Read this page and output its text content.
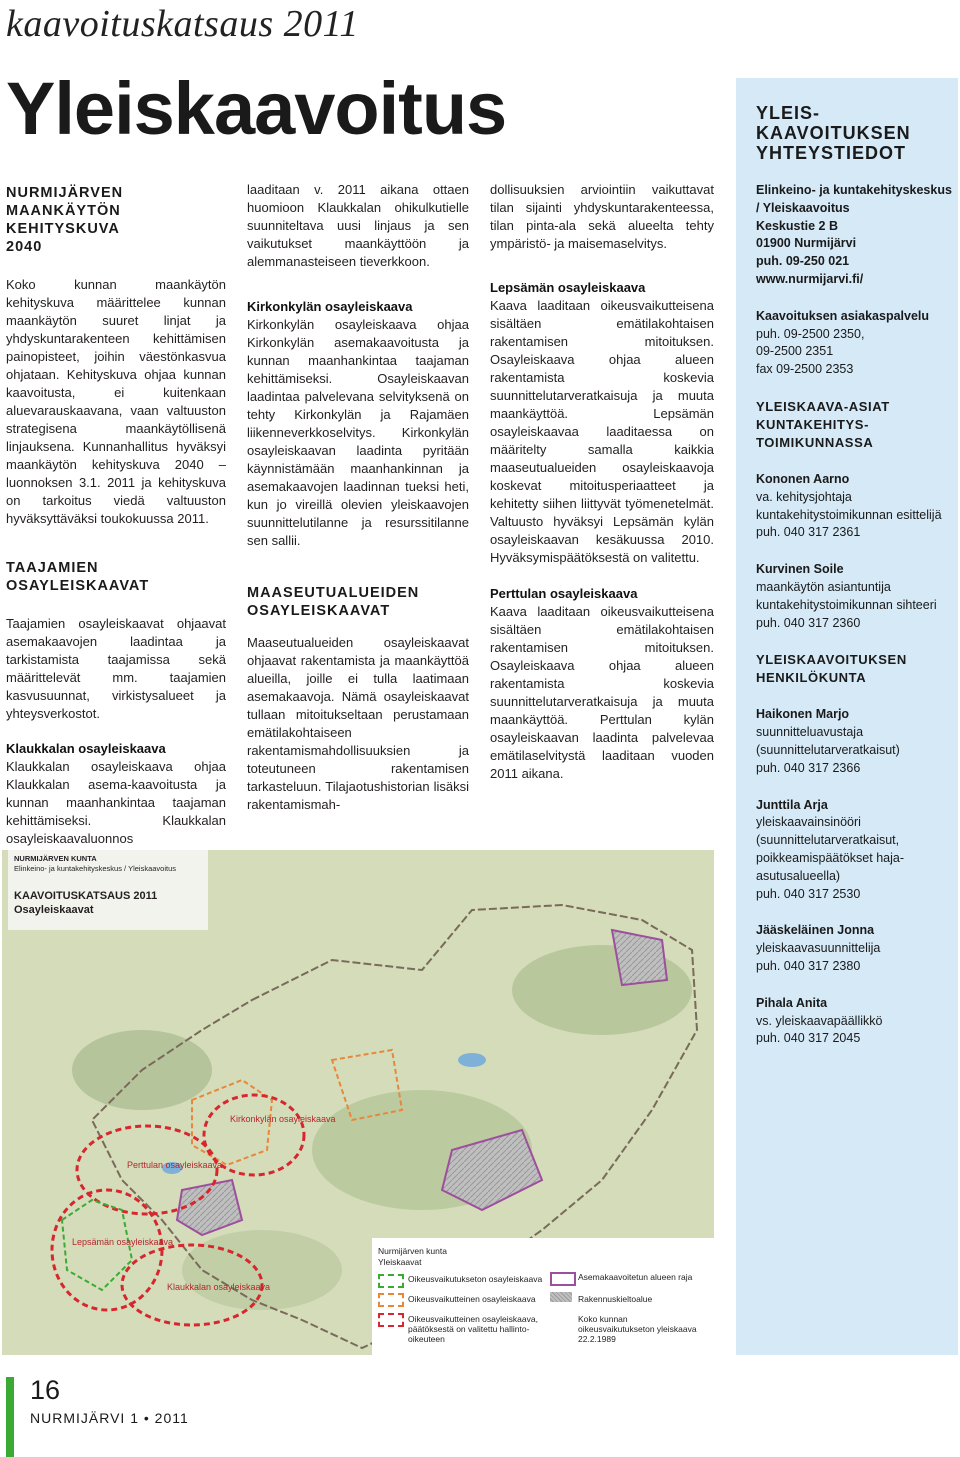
kaavoituskatsaus 2011
Yleiskaavoitus
NURMIJÄRVEN MAANKÄYTÖN KEHITYSKUVA 2040

Koko kunnan maankäytön kehityskuva määrittelee kunnan maankäytön suuret linjat ja yhdyskuntarakenteen kehittämisen painopisteet, joihin väestönkasvua ohjataan. Kehityskuva ohjaa kunnan kaavoitusta, ei kuitenkaan aluevarauskaavana, vaan valtuuston strategisena maankäytöllisenä linjauksena. Kunnanhallitus hyväksyi maankäytön kehityskuva 2040 –luonnoksen 3.1. 2011 ja kehityskuva on tarkoitus viedä valtuuston hyväksyttäväksi toukokuussa 2011.

TAAJAMIEN OSAYLEISKAAVAT

Taajamien osayleiskaavat ohjaavat asemakaavojen laadintaa ja tarkistamista taajamissa sekä määrittelevät mm. taajamien kasvusuunnat, virkistysalueet ja yhteysverkostot.

Klaukkalan osayleiskaava

Klaukkalan osayleiskaava ohjaa Klaukkalan asema-kaavoitusta ja kunnan maanhankintaa taajaman kehittämiseksi. Klaukkalan osayleiskaavaluonnos

laaditaan v. 2011 aikana ottaen huomioon Klaukkalan ohikulkutielle suunniteltava uusi linjaus ja sen vaikutukset maankäyttöön ja alemmanasteiseen tieverkkoon.

Kirkonkylän osayleiskaava

Kirkonkylän osayleiskaava ohjaa Kirkonkylän asemakaavoitusta ja kunnan maanhankintaa taajaman kehittämiseksi. Osayleiskaavan laadintaa palvelevana selvityksenä on tehty Kirkonkylän ja Rajamäen liikenneverkkoselvitys. Kirkonkylän osayleiskaavan laadinta pyritään käynnistämään maanhankinnan ja asemakaavojen laadinnan tueksi heti, kun jo vireillä olevien yleiskaavojen suunnittelutilanne ja resurssitilanne sen sallii.

MAASEUTUALUEIDEN OSAYLEISKAAVAT

Maaseutualueiden osayleiskaavat ohjaavat rakentamista ja maankäyttöä alueilla, joille ei tulla laatimaan asemakaavoja. Nämä osayleiskaavat tullaan mitoitukseltaan perustamaan emätilakohtaiseen rakentamismahdollisuuksien ja toteutuneen rakentamisen tarkasteluun. Tilajaotushistorian lisäksi rakentamismah-

dollisuuksien arviointiin vaikuttavat tilan sijainti yhdyskuntarakenteessa, tilan pinta-ala sekä alueelta tehty ympäristö- ja maisemaselvitys.

Lepsämän osayleiskaava

Kaava laaditaan oikeusvaikutteisena sisältäen emätilakohtaisen rakentamisen mitoituksen. Osayleiskaava ohjaa alueen rakentamista koskevia suunnittelutarveratkaisuja ja muuta maankäyttöä. Lepsämän osayleiskaavaa laaditaessa on määritelty samalla kaikkia maaseutualueiden osayleiskaavoja koskevat mitoitusperiaatteet ja kehitetty siihen liittyvät työmenetelmät. Valtuusto hyväksyi Lepsämän kylän osayleiskaavan kesäkuussa 2010. Hyväksymispäätöksestä on valitettu.

Perttulan osayleiskaava

Kaava laaditaan oikeusvaikutteisena sisältäen emätilakohtaisen rakentamisen mitoituksen. Osayleiskaava ohjaa alueen rakentamista koskevia suunnittelutarveratkaisuja ja muuta maankäyttöä. Perttulan kylän osayleiskaavan laadinta palvelevaa emätilaselvitystä laaditaan vuoden 2011 aikana.

YLEIS-
KAAVOITUKSEN
YHTEYSTIEDOT
Elinkeino- ja kuntakehityskeskus / Yleiskaavoitus
Keskustie 2 B
01900 Nurmijärvi
puh. 09-250 021
www.nurmijarvi.fi/
Kaavoituksen asiakaspalvelu
puh. 09-2500 2350,
09-2500 2351
fax 09-2500 2353
YLEISKAAVA-ASIAT KUNTAKEHITYS-TOIMIKUNNASSA
Kononen Aarno
va. kehitysjohtaja kuntakehitystoimikunnan esittelijä
puh. 040 317 2361
Kurvinen Soile
maankäytön asiantuntija kuntakehitystoimikunnan sihteeri
puh. 040 317 2360
YLEISKAAVOITUKSEN HENKILÖKUNTA
Haikonen Marjo
suunnitteluavustaja (suunnittelutarveratkaisut)
puh. 040 317 2366
Junttila Arja
yleiskaavainsinööri (suunnittelutarveratkaisut, poikkeamispäätökset haja-asutusalueella)
puh. 040 317 2530
Jääskeläinen Jonna
yleiskaavasuunnittelija
puh. 040 317 2380
Pihala Anita
vs. yleiskaavapäällikkö
puh. 040 317 2045
Kirkonkylän osayleiskaava
Perttulan osayleiskaava
Lepsämän osayleiskaava
Klaukkalan osayleiskaava
NURMIJÄRVEN KUNTA
Elinkeino- ja kuntakehityskeskus / Yleiskaavoitus
KAAVOITUSKATSAUS 2011
Osayleiskaavat
Nurmijärven kunta
Yleiskaavat
Oikeusvaikutukseton osayleiskaava
Oikeusvaikutteinen osayleiskaava
Oikeusvaikutteinen osayleiskaava, päätöksestä on valitettu hallinto-oikeuteen
Asemakaavoitetun alueen raja
Rakennuskieltoalue
Koko kunnan oikeusvaikutukseton yleiskaava 22.2.1989
16
NURMIJÄRVI 1 • 2011
